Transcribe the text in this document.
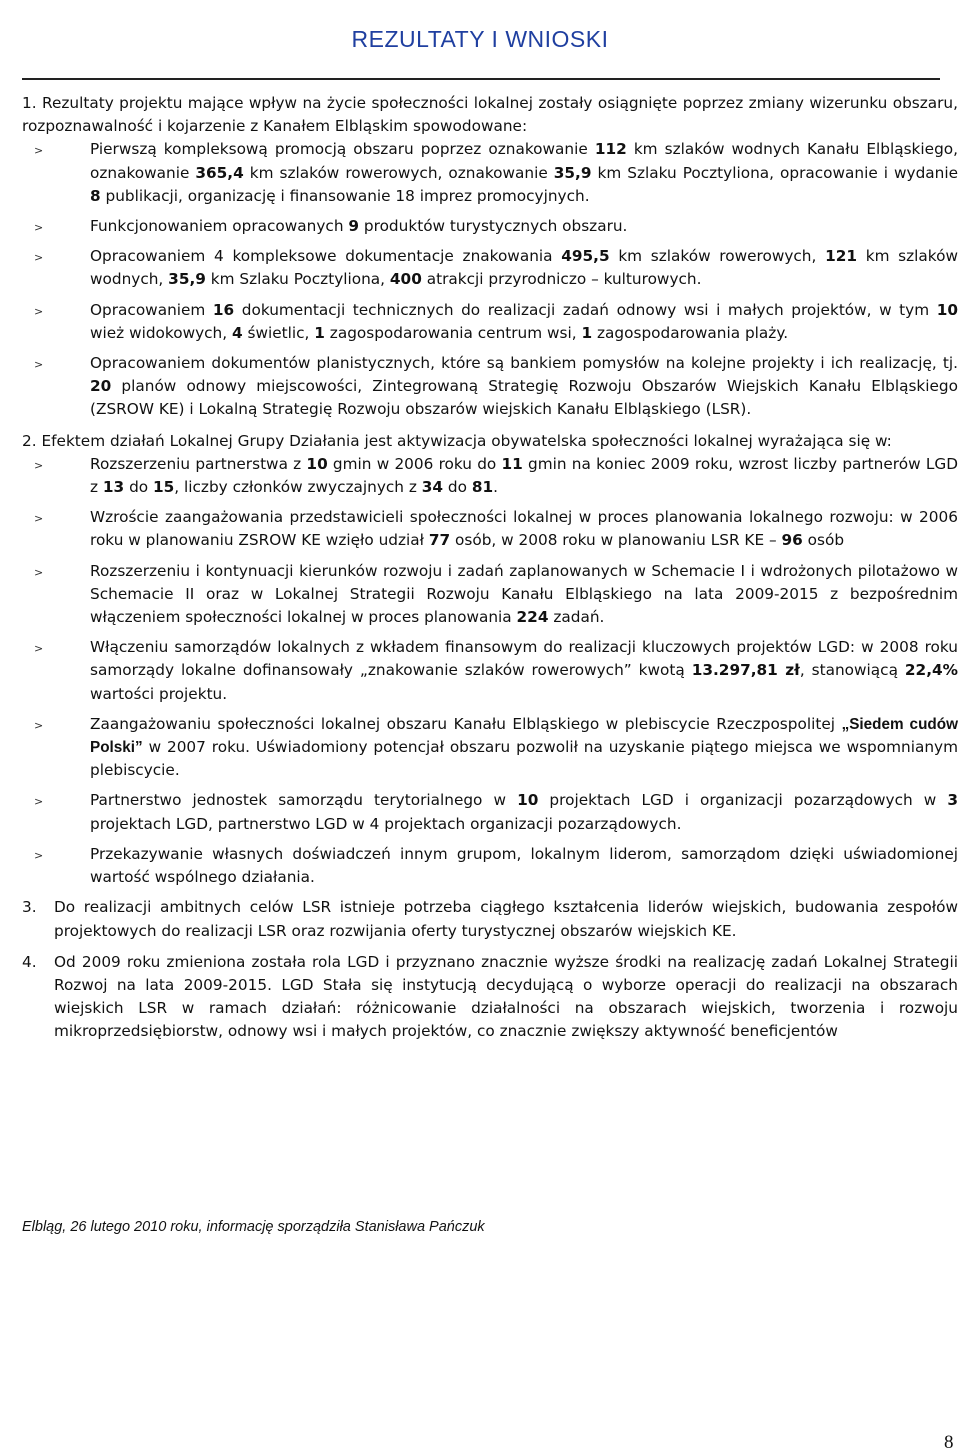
REZULTATY I WNIOSKI
1. Rezultaty projektu mające wpływ na życie społeczności lokalnej zostały osiągnięte poprzez zmiany wizerunku obszaru, rozpoznawalność i kojarzenie z Kanałem Elbląskim spowodowane:
>	Pierwszą kompleksową promocją obszaru poprzez oznakowanie 112 km szlaków wodnych Kanału Elbląskiego, oznakowanie 365,4 km szlaków rowerowych, oznakowanie 35,9 km Szlaku Pocztyliona, opracowanie i wydanie 8 publikacji, organizację i finansowanie 18 imprez promocyjnych.
>	Funkcjonowaniem opracowanych 9 produktów turystycznych obszaru.
>	Opracowaniem 4 kompleksowe dokumentacje znakowania 495,5 km szlaków rowerowych, 121 km szlaków wodnych, 35,9 km Szlaku Pocztyliona, 400 atrakcji przyrodniczo – kulturowych.
>	Opracowaniem 16 dokumentacji technicznych do realizacji zadań odnowy wsi i małych projektów, w tym 10 wież widokowych, 4 świetlic, 1 zagospodarowania centrum wsi, 1 zagospodarowania plaży.
>	Opracowaniem dokumentów planistycznych, które są bankiem pomysłów na kolejne projekty i ich realizację, tj. 20 planów odnowy miejscowości, Zintegrowaną Strategię Rozwoju Obszarów Wiejskich Kanału Elbląskiego (ZSROW KE) i Lokalną Strategię Rozwoju obszarów wiejskich Kanału Elbląskiego (LSR).
2. Efektem działań Lokalnej Grupy Działania jest aktywizacja obywatelska społeczności lokalnej wyrażająca się w:
>	Rozszerzeniu partnerstwa z 10 gmin w 2006 roku do 11 gmin na koniec 2009 roku, wzrost liczby partnerów LGD z 13 do 15, liczby członków zwyczajnych z 34 do 81.
>	Wzroście zaangażowania przedstawicieli społeczności lokalnej w proces planowania lokalnego rozwoju: w 2006 roku w planowaniu ZSROW KE wzięło udział 77 osób, w 2008 roku w planowaniu LSR KE – 96 osób
>	Rozszerzeniu i kontynuacji kierunków rozwoju i zadań zaplanowanych w Schemacie I i wdrożonych pilotażowo w Schemacie II oraz w Lokalnej Strategii Rozwoju Kanału Elbląskiego na lata 2009-2015 z bezpośrednim włączeniem społeczności lokalnej w proces planowania 224 zadań.
>	Włączeniu samorządów lokalnych z wkładem finansowym do realizacji kluczowych projektów LGD: w 2008 roku samorządy lokalne dofinansowały „znakowanie szlaków rowerowych” kwotą 13.297,81 zł, stanowiącą 22,4% wartości projektu.
>	Zaangażowaniu społeczności lokalnej obszaru Kanału Elbląskiego w plebiscycie Rzeczpospolitej „Siedem cudów Polski” w 2007 roku. Uświadomiony potencjał obszaru pozwolił na uzyskanie piątego miejsca we wspomnianym plebiscycie.
>	Partnerstwo jednostek samorządu terytorialnego w 10 projektach LGD i organizacji pozarządowych w 3 projektach LGD, partnerstwo LGD w 4 projektach organizacji pozarządowych.
>	Przekazywanie własnych doświadczeń innym grupom, lokalnym liderom, samorządom dzięki uświadomionej wartość wspólnego działania.
3. Do realizacji ambitnych celów LSR istnieje potrzeba ciągłego kształcenia liderów wiejskich, budowania zespołów projektowych do realizacji LSR oraz rozwijania oferty turystycznej obszarów wiejskich KE.
4. Od 2009 roku zmieniona została rola LGD i przyznano znacznie wyższe środki na realizację zadań Lokalnej Strategii Rozwoj na lata 2009-2015. LGD Stała się instytucją decydującą o wyborze operacji do realizacji na obszarach wiejskich LSR w ramach działań: różnicowanie działalności na obszarach wiejskich, tworzenia i rozwoju mikroprzedsiębiorstw, odnowy wsi i małych projektów, co znacznie zwiększy aktywność beneficjentów
Elbląg, 26 lutego 2010 roku, informację sporządziła Stanisława Pańczuk
8
